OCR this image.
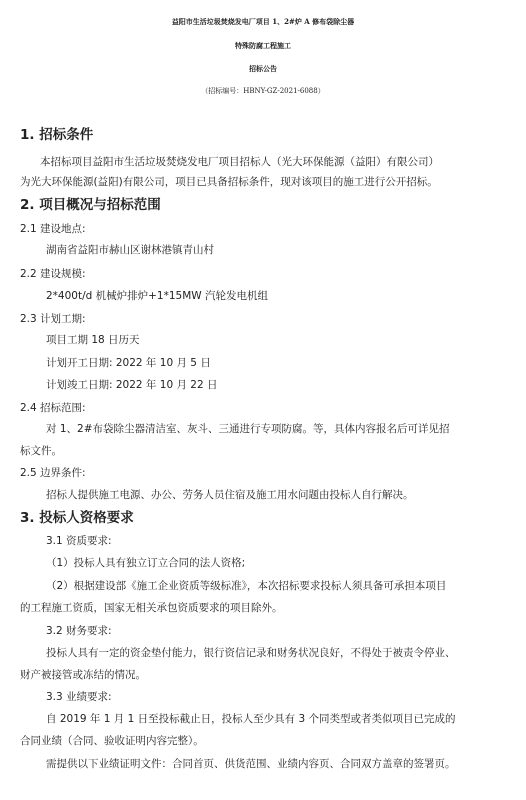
益阳市生活垃圾焚烧发电厂项目 1、2#炉 A 修布袋除尘器
特殊防腐工程施工
招标公告
（招标编号：HBNY-GZ-2021-6088）
1. 招标条件
本招标项目益阳市生活垃圾焚烧发电厂项目招标人（光大环保能源（益阳）有限公司）
为光大环保能源(益阳)有限公司，项目已具备招标条件，现对该项目的施工进行公开招标。
2. 项目概况与招标范围
2.1 建设地点:
湖南省益阳市赫山区谢林港镇青山村
2.2 建设规模:
2*400t/d 机械炉排炉+1*15MW 汽轮发电机组
2.3 计划工期:
项目工期 18 日历天
计划开工日期: 2022 年 10 月 5 日
计划竣工日期: 2022 年 10 月 22 日
2.4 招标范围:
对 1、2#布袋除尘器清洁室、灰斗、三通进行专项防腐。等，具体内容报名后可详见招
标文件。
2.5 边界条件:
招标人提供施工电源、办公、劳务人员住宿及施工用水问题由投标人自行解决。
3. 投标人资格要求
3.1 资质要求:
（1）投标人具有独立订立合同的法人资格;
（2）根据建设部《施工企业资质等级标准》，本次招标要求投标人须具备可承担本项目
的工程施工资质，国家无相关承包资质要求的项目除外。
3.2 财务要求:
投标人具有一定的资金垫付能力，银行资信记录和财务状况良好，不得处于被责令停业、
财产被接管或冻结的情况。
3.3 业绩要求:
自 2019 年 1 月 1 日至投标截止日，投标人至少具有 3 个同类型或者类似项目已完成的
合同业绩（合同、验收证明内容完整）。
需提供以下业绩证明文件：合同首页、供货范围、业绩内容页、合同双方盖章的签署页。
